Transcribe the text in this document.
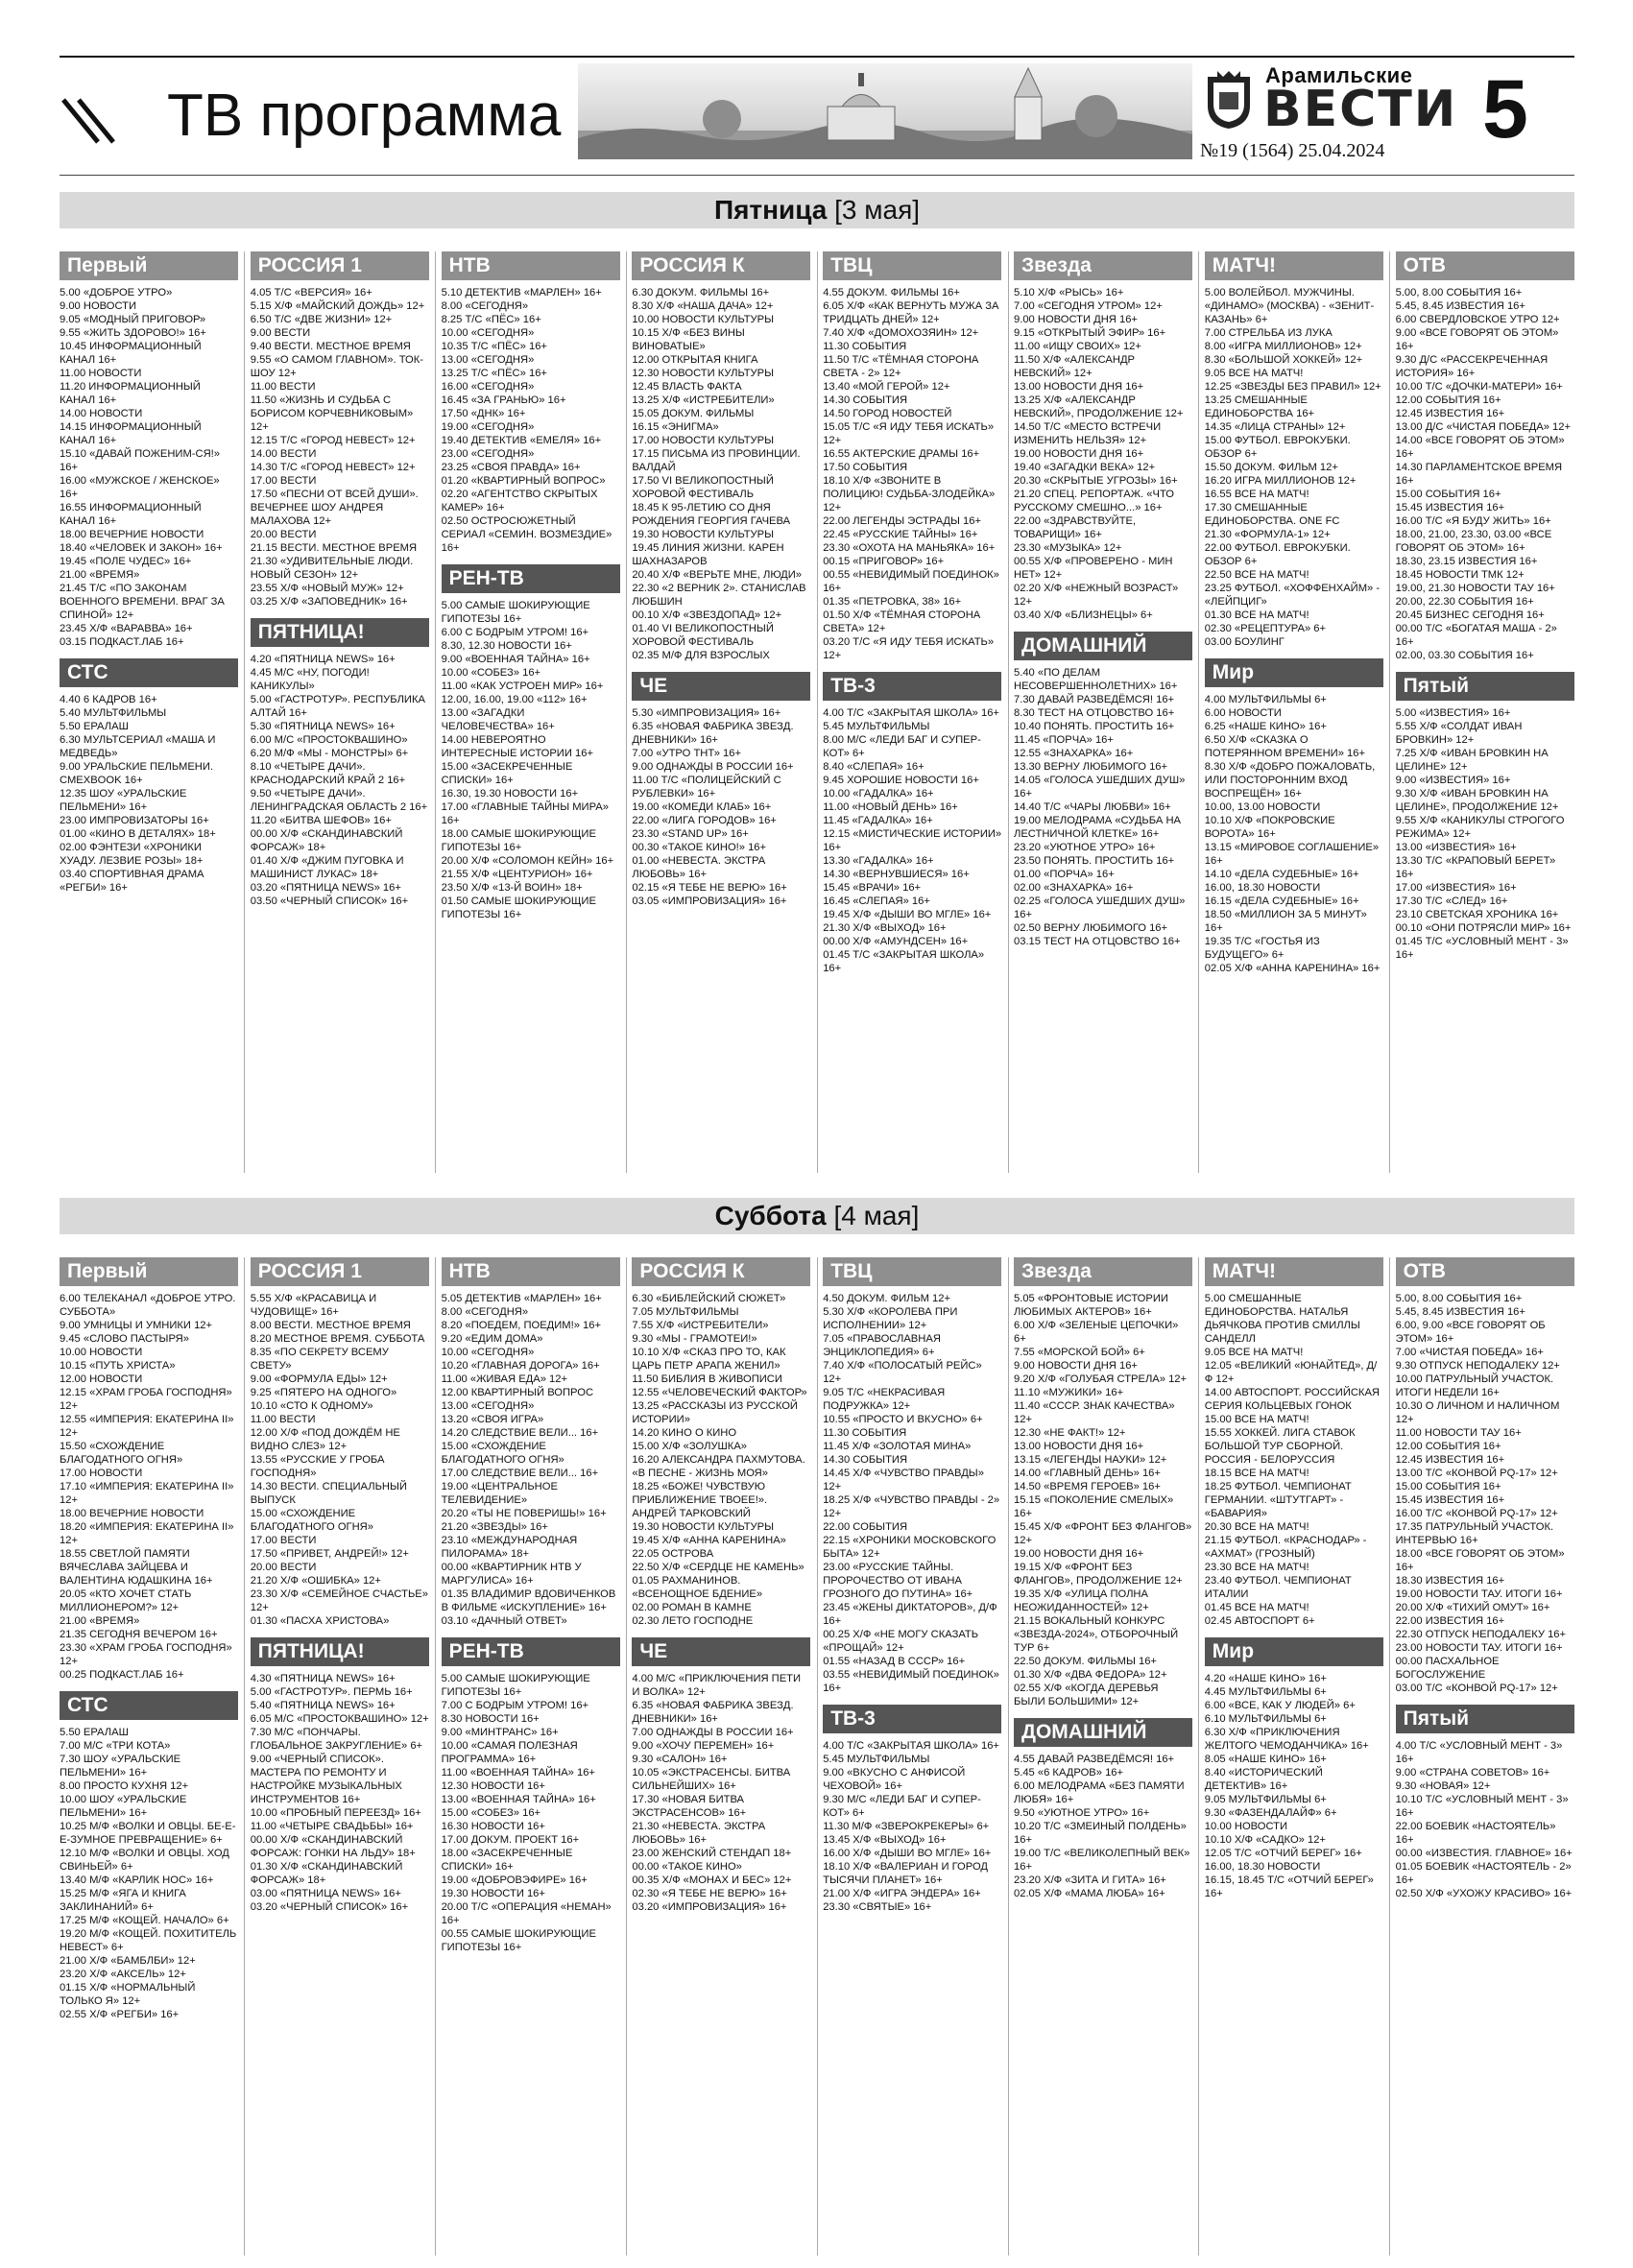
ТВ программа
Арамильские
ВЕСТИ
№19 (1564) 25.04.2024 5
Пятница [3 мая]
Первый
5.00 «ДОБРОЕ УТРО»
9.00 НОВОСТИ
9.05 «МОДНЫЙ ПРИГОВОР»
9.55 «ЖИТЬ ЗДОРОВО!» 16+
10.45 ИНФОРМАЦИОННЫЙ КАНАЛ 16+
11.00 НОВОСТИ
11.20 ИНФОРМАЦИОННЫЙ КАНАЛ 16+
14.00 НОВОСТИ
14.15 ИНФОРМАЦИОННЫЙ КАНАЛ 16+
15.10 «ДАВАЙ ПОЖЕНИМ-СЯ!» 16+
16.00 «МУЖСКОЕ / ЖЕНСКОЕ» 16+
16.55 ИНФОРМАЦИОННЫЙ КАНАЛ 16+
18.00 ВЕЧЕРНИЕ НОВОСТИ
18.40 «ЧЕЛОВЕК И ЗАКОН» 16+
19.45 «ПОЛЕ ЧУДЕС» 16+
21.00 «ВРЕМЯ»
21.45 Т/С «ПО ЗАКОНАМ ВОЕННОГО ВРЕМЕНИ. ВРАГ ЗА СПИНОЙ» 12+
23.45 Х/Ф «ВАРАВВА» 16+
03.15 ПОДКАСТ.ЛАБ 16+
СТС
4.40 6 КАДРОВ 16+
5.40 МУЛЬТФИЛЬМЫ
5.50 ЕРАЛАШ
6.30 МУЛЬТСЕРИАЛ «МАША И МЕДВЕДЬ»
9.00 УРАЛЬСКИЕ ПЕЛЬМЕНИ. СМЕХBOOK 16+
12.35 ШОУ «УРАЛЬСКИЕ ПЕЛЬМЕНИ» 16+
23.00 ИМПРОВИЗАТОРЫ 16+
01.00 «КИНО В ДЕТАЛЯХ» 18+
02.00 ФЭНТЕЗИ «ХРОНИКИ ХУАДУ. ЛЕЗВИЕ РОЗЫ» 18+
03.40 СПОРТИВНАЯ ДРАМА «РЕГБИ» 16+
РОССИЯ 1
4.05 Т/С «ВЕРСИЯ» 16+
5.15 Х/Ф «МАЙСКИЙ ДОЖДЬ» 12+
6.50 Т/С «ДВЕ ЖИЗНИ» 12+
9.00 ВЕСТИ
9.40 ВЕСТИ. МЕСТНОЕ ВРЕМЯ
9.55 «О САМОМ ГЛАВНОМ». ТОК-ШОУ 12+
11.00 ВЕСТИ
11.50 «ЖИЗНЬ И СУДЬБА С БОРИСОМ КОРЧЕВНИКОВЫМ» 12+
12.15 Т/С «ГОРОД НЕВЕСТ» 12+
14.00 ВЕСТИ
14.30 Т/С «ГОРОД НЕВЕСТ» 12+
17.00 ВЕСТИ
17.50 «ПЕСНИ ОТ ВСЕЙ ДУШИ». ВЕЧЕРНЕЕ ШОУ АНДРЕЯ МАЛАХОВА 12+
20.00 ВЕСТИ
21.15 ВЕСТИ. МЕСТНОЕ ВРЕМЯ
21.30 «УДИВИТЕЛЬНЫЕ ЛЮДИ. НОВЫЙ СЕЗОН» 12+
23.55 Х/Ф «НОВЫЙ МУЖ» 12+
03.25 Х/Ф «ЗАПОВЕДНИК» 16+
ПЯТНИЦА!
4.20 «ПЯТНИЦА NEWS» 16+
4.45 М/С «НУ, ПОГОДИ! КАНИКУЛЫ»
5.00 «ГАСТРОТУР». РЕСПУБЛИКА АЛТАЙ 16+
5.30 «ПЯТНИЦА NEWS» 16+
6.00 М/С «ПРОСТОКВАШИНО»
6.20 М/Ф «МЫ - МОНСТРЫ» 6+
8.10 «ЧЕТЫРЕ ДАЧИ». КРАСНОДАРСКИЙ КРАЙ 2 16+
9.50 «ЧЕТЫРЕ ДАЧИ». ЛЕНИНГРАДСКАЯ ОБЛАСТЬ 2 16+
11.20 «БИТВА ШЕФОВ» 16+
00.00 Х/Ф «СКАНДИНАВСКИЙ ФОРСАЖ» 18+
01.40 Х/Ф «ДЖИМ ПУГОВКА И МАШИНИСТ ЛУКАС» 18+
03.20 «ПЯТНИЦА NEWS» 16+
03.50 «ЧЕРНЫЙ СПИСОК» 16+
НТВ
5.10 ДЕТЕКТИВ «МАРЛЕН» 16+
8.00 «СЕГОДНЯ»
8.25 Т/С «ПЁС» 16+
10.00 «СЕГОДНЯ»
10.35 Т/С «ПЁС» 16+
13.00 «СЕГОДНЯ»
13.25 Т/С «ПЁС» 16+
16.00 «СЕГОДНЯ»
16.45 «ЗА ГРАНЬЮ» 16+
17.50 «ДНК» 16+
19.00 «СЕГОДНЯ»
19.40 ДЕТЕКТИВ «ЕМЕЛЯ» 16+
23.00 «СЕГОДНЯ»
23.25 «СВОЯ ПРАВДА» 16+
01.20 «КВАРТИРНЫЙ ВОПРОС»
02.20 «АГЕНТСТВО СКРЫТЫХ КАМЕР» 16+
02.50 ОСТРОСЮЖЕТНЫЙ СЕРИАЛ «СЕМИН. ВОЗМЕЗДИЕ» 16+
РЕН-ТВ
5.00 САМЫЕ ШОКИРУЮЩИЕ ГИПОТЕЗЫ 16+
6.00 С БОДРЫМ УТРОМ! 16+
8.30, 12.30 НОВОСТИ 16+
9.00 «ВОЕННАЯ ТАЙНА» 16+
10.00 «СОБЕЗ» 16+
11.00 «КАК УСТРОЕН МИР» 16+
12.00, 16.00, 19.00 «112» 16+
13.00 «ЗАГАДКИ ЧЕЛОВЕЧЕСТВА» 16+
14.00 НЕВЕРОЯТНО ИНТЕРЕСНЫЕ ИСТОРИИ 16+
15.00 «ЗАСЕКРЕЧЕННЫЕ СПИСКИ» 16+
16.30, 19.30 НОВОСТИ 16+
17.00 «ГЛАВНЫЕ ТАЙНЫ МИРА» 16+
18.00 САМЫЕ ШОКИРУЮЩИЕ ГИПОТЕЗЫ 16+
20.00 Х/Ф «СОЛОМОН КЕЙН» 16+
21.55 Х/Ф «ЦЕНТУРИОН» 16+
23.50 Х/Ф «13-Й ВОИН» 18+
01.50 САМЫЕ ШОКИРУЮЩИЕ ГИПОТЕЗЫ 16+
РОССИЯ К
6.30 ДОКУМ. ФИЛЬМЫ 16+
8.30 Х/Ф «НАША ДАЧА» 12+
10.00 НОВОСТИ КУЛЬТУРЫ
10.15 Х/Ф «БЕЗ ВИНЫ ВИНОВАТЫЕ»
12.00 ОТКРЫТАЯ КНИГА
12.30 НОВОСТИ КУЛЬТУРЫ
12.45 ВЛАСТЬ ФАКТА
13.25 Х/Ф «ИСТРЕБИТЕЛИ»
15.05 ДОКУМ. ФИЛЬМЫ
16.15 «ЭНИГМА»
17.00 НОВОСТИ КУЛЬТУРЫ
17.15 ПИСЬМА ИЗ ПРОВИНЦИИ. ВАЛДАЙ
17.50 VI ВЕЛИКОПОСТНЫЙ ХОРОВОЙ ФЕСТИВАЛЬ
18.45 К 95-ЛЕТИЮ СО ДНЯ РОЖДЕНИЯ ГЕОРГИЯ ГАЧЕВА
19.30 НОВОСТИ КУЛЬТУРЫ
19.45 ЛИНИЯ ЖИЗНИ. КАРЕН ШАХНАЗАРОВ
20.40 Х/Ф «ВЕРЬТЕ МНЕ, ЛЮДИ»
22.30 «2 ВЕРНИК 2». СТАНИСЛАВ ЛЮБШИН
00.10 Х/Ф «ЗВЕЗДОПАД» 12+
01.40 VI ВЕЛИКОПОСТНЫЙ ХОРОВОЙ ФЕСТИВАЛЬ
02.35 М/Ф ДЛЯ ВЗРОСЛЫХ
ЧЕ
5.30 «ИМПРОВИЗАЦИЯ» 16+
6.35 «НОВАЯ ФАБРИКА ЗВЕЗД. ДНЕВНИКИ» 16+
7.00 «УТРО ТНТ» 16+
9.00 ОДНАЖДЫ В РОССИИ 16+
11.00 Т/С «ПОЛИЦЕЙСКИЙ С РУБЛЕВКИ» 16+
19.00 «КОМЕДИ КЛАБ» 16+
22.00 «ЛИГА ГОРОДОВ» 16+
23.30 «STAND UP» 16+
00.30 «ТАКОЕ КИНО!» 16+
01.00 «НЕВЕСТА. ЭКСТРА ЛЮБОВЬ» 16+
02.15 «Я ТЕБЕ НЕ ВЕРЮ» 16+
03.05 «ИМПРОВИЗАЦИЯ» 16+
ТВЦ
4.55 ДОКУМ. ФИЛЬМЫ 16+
6.05 Х/Ф «КАК ВЕРНУТЬ МУЖА ЗА ТРИДЦАТЬ ДНЕЙ» 12+
7.40 Х/Ф «ДОМОХОЗЯИН» 12+
11.30 СОБЫТИЯ
11.50 Т/С «ТЁМНАЯ СТОРОНА СВЕТА - 2» 12+
13.40 «МОЙ ГЕРОЙ» 12+
14.30 СОБЫТИЯ
14.50 ГОРОД НОВОСТЕЙ
15.05 Т/С «Я ИДУ ТЕБЯ ИСКАТЬ» 12+
16.55 АКТЕРСКИЕ ДРАМЫ 16+
17.50 СОБЫТИЯ
18.10 Х/Ф «ЗВОНИТЕ В ПОЛИЦИЮ! СУДЬБА-ЗЛОДЕЙКА» 12+
22.00 ЛЕГЕНДЫ ЭСТРАДЫ 16+
22.45 «РУССКИЕ ТАЙНЫ» 16+
23.30 «ОХОТА НА МАНЬЯКА» 16+
00.15 «ПРИГОВОР» 16+
00.55 «НЕВИДИМЫЙ ПОЕДИНОК» 16+
01.35 «ПЕТРОВКА, 38» 16+
01.50 Х/Ф «ТЁМНАЯ СТОРОНА СВЕТА» 12+
03.20 Т/С «Я ИДУ ТЕБЯ ИСКАТЬ» 12+
ТВ-3
4.00 Т/С «ЗАКРЫТАЯ ШКОЛА» 16+
5.45 МУЛЬТФИЛЬМЫ
8.00 М/С «ЛЕДИ БАГ И СУПЕР-КОТ» 6+
8.40 «СЛЕПАЯ» 16+
9.45 ХОРОШИЕ НОВОСТИ 16+
10.00 «ГАДАЛКА» 16+
11.00 «НОВЫЙ ДЕНЬ» 16+
11.45 «ГАДАЛКА» 16+
12.15 «МИСТИЧЕСКИЕ ИСТОРИИ» 16+
13.30 «ГАДАЛКА» 16+
14.30 «ВЕРНУВШИЕСЯ» 16+
15.45 «ВРАЧИ» 16+
16.45 «СЛЕПАЯ» 16+
19.45 Х/Ф «ДЫШИ ВО МГЛЕ» 16+
21.30 Х/Ф «ВЫХОД» 16+
00.00 Х/Ф «АМУНДСЕН» 16+
01.45 Т/С «ЗАКРЫТАЯ ШКОЛА» 16+
Звезда
5.10 Х/Ф «РЫСЬ» 16+
7.00 «СЕГОДНЯ УТРОМ» 12+
9.00 НОВОСТИ ДНЯ 16+
9.15 «ОТКРЫТЫЙ ЭФИР» 16+
11.00 «ИЩУ СВОИХ» 12+
11.50 Х/Ф «АЛЕКСАНДР НЕВСКИЙ» 12+
13.00 НОВОСТИ ДНЯ 16+
13.25 Х/Ф «АЛЕКСАНДР НЕВСКИЙ», ПРОДОЛЖЕНИЕ 12+
14.50 Т/С «МЕСТО ВСТРЕЧИ ИЗМЕНИТЬ НЕЛЬЗЯ» 12+
19.00 НОВОСТИ ДНЯ 16+
19.40 «ЗАГАДКИ ВЕКА» 12+
20.30 «СКРЫТЫЕ УГРОЗЫ» 16+
21.20 СПЕЦ. РЕПОРТАЖ. «ЧТО РУССКОМУ СМЕШНО...» 16+
22.00 «ЗДРАВСТВУЙТЕ, ТОВАРИЩИ» 16+
23.30 «МУЗЫКА» 12+
00.55 Х/Ф «ПРОВЕРЕНО - МИН НЕТ» 12+
02.20 Х/Ф «НЕЖНЫЙ ВОЗРАСТ» 12+
03.40 Х/Ф «БЛИЗНЕЦЫ» 6+
ДОМАШНИЙ
5.40 «ПО ДЕЛАМ НЕСОВЕРШЕННОЛЕТНИХ» 16+
7.30 ДАВАЙ РАЗВЕДЁМСЯ! 16+
8.30 ТЕСТ НА ОТЦОВСТВО 16+
10.40 ПОНЯТЬ. ПРОСТИТЬ 16+
11.45 «ПОРЧА» 16+
12.55 «ЗНАХАРКА» 16+
13.30 ВЕРНУ ЛЮБИМОГО 16+
14.05 «ГОЛОСА УШЕДШИХ ДУШ» 16+
14.40 Т/С «ЧАРЫ ЛЮБВИ» 16+
19.00 МЕЛОДРАМА «СУДЬБА НА ЛЕСТНИЧНОЙ КЛЕТКЕ» 16+
23.20 «УЮТНОЕ УТРО» 16+
23.50 ПОНЯТЬ. ПРОСТИТЬ 16+
01.00 «ПОРЧА» 16+
02.00 «ЗНАХАРКА» 16+
02.25 «ГОЛОСА УШЕДШИХ ДУШ» 16+
02.50 ВЕРНУ ЛЮБИМОГО 16+
03.15 ТЕСТ НА ОТЦОВСТВО 16+
МАТЧ!
5.00 ВОЛЕЙБОЛ. МУЖЧИНЫ. «ДИНАМО» (МОСКВА) - «ЗЕНИТ-КАЗАНЬ» 6+
7.00 СТРЕЛЬБА ИЗ ЛУКА
8.00 «ИГРА МИЛЛИОНОВ» 12+
8.30 «БОЛЬШОЙ ХОККЕЙ» 12+
9.05 ВСЕ НА МАТЧ!
12.25 «ЗВЕЗДЫ БЕЗ ПРАВИЛ» 12+
13.25 СМЕШАННЫЕ ЕДИНОБОРСТВА 16+
14.35 «ЛИЦА СТРАНЫ» 12+
15.00 ФУТБОЛ. ЕВРОКУБКИ. ОБЗОР 6+
15.50 ДОКУМ. ФИЛЬМ 12+
16.20 ИГРА МИЛЛИОНОВ 12+
16.55 ВСЕ НА МАТЧ!
17.30 СМЕШАННЫЕ ЕДИНОБОРСТВА. ONE FC
21.30 «ФОРМУЛА-1» 12+
22.00 ФУТБОЛ. ЕВРОКУБКИ. ОБЗОР 6+
22.50 ВСЕ НА МАТЧ!
23.25 ФУТБОЛ. «ХОФФЕНХАЙМ» - «ЛЕЙПЦИГ»
01.30 ВСЕ НА МАТЧ!
02.30 «РЕЦЕПТУРА» 6+
03.00 БОУЛИНГ
Мир
4.00 МУЛЬТФИЛЬМЫ 6+
6.00 НОВОСТИ
6.25 «НАШЕ КИНО» 16+
6.50 Х/Ф «СКАЗКА О ПОТЕРЯННОМ ВРЕМЕНИ» 16+
8.30 Х/Ф «ДОБРО ПОЖАЛОВАТЬ, ИЛИ ПОСТОРОННИМ ВХОД ВОСПРЕЩЁН» 16+
10.00, 13.00 НОВОСТИ
10.10 Х/Ф «ПОКРОВСКИЕ ВОРОТА» 16+
13.15 «МИРОВОЕ СОГЛАШЕНИЕ» 16+
14.10 «ДЕЛА СУДЕБНЫЕ» 16+
16.00, 18.30 НОВОСТИ
16.15 «ДЕЛА СУДЕБНЫЕ» 16+
18.50 «МИЛЛИОН ЗА 5 МИНУТ» 16+
19.35 Т/С «ГОСТЬЯ ИЗ БУДУЩЕГО» 6+
02.05 Х/Ф «АННА КАРЕНИНА» 16+
ОТВ
5.00, 8.00 СОБЫТИЯ 16+
5.45, 8.45 ИЗВЕСТИЯ 16+
6.00 СВЕРДЛОВСКОЕ УТРО 12+
9.00 «ВСЕ ГОВОРЯТ ОБ ЭТОМ» 16+
9.30 Д/С «РАССЕКРЕЧЕННАЯ ИСТОРИЯ» 16+
10.00 Т/С «ДОЧКИ-МАТЕРИ» 16+
12.00 СОБЫТИЯ 16+
12.45 ИЗВЕСТИЯ 16+
13.00 Д/С «ЧИСТАЯ ПОБЕДА» 12+
14.00 «ВСЕ ГОВОРЯТ ОБ ЭТОМ» 16+
14.30 ПАРЛАМЕНТСКОЕ ВРЕМЯ 16+
15.00 СОБЫТИЯ 16+
15.45 ИЗВЕСТИЯ 16+
16.00 Т/С «Я БУДУ ЖИТЬ» 16+
18.00, 21.00, 23.30, 03.00 «ВСЕ ГОВОРЯТ ОБ ЭТОМ» 16+
18.30, 23.15 ИЗВЕСТИЯ 16+
18.45 НОВОСТИ ТМК 12+
19.00, 21.30 НОВОСТИ ТАУ 16+
20.00, 22.30 СОБЫТИЯ 16+
20.45 БИЗНЕС СЕГОДНЯ 16+
00.00 Т/С «БОГАТАЯ МАША - 2» 16+
02.00, 03.30 СОБЫТИЯ 16+
Пятый
5.00 «ИЗВЕСТИЯ» 16+
5.55 Х/Ф «СОЛДАТ ИВАН БРОВКИН» 12+
7.25 Х/Ф «ИВАН БРОВКИН НА ЦЕЛИНЕ» 12+
9.00 «ИЗВЕСТИЯ» 16+
9.30 Х/Ф «ИВАН БРОВКИН НА ЦЕЛИНЕ», ПРОДОЛЖЕНИЕ 12+
9.55 Х/Ф «КАНИКУЛЫ СТРОГОГО РЕЖИМА» 12+
13.00 «ИЗВЕСТИЯ» 16+
13.30 Т/С «КРАПОВЫЙ БЕРЕТ» 16+
17.00 «ИЗВЕСТИЯ» 16+
17.30 Т/С «СЛЕД» 16+
23.10 СВЕТСКАЯ ХРОНИКА 16+
00.10 «ОНИ ПОТРЯСЛИ МИР» 16+
01.45 Т/С «УСЛОВНЫЙ МЕНТ - 3» 16+
Суббота [4 мая]
Первый
6.00 ТЕЛЕКАНАЛ «ДОБРОЕ УТРО. СУББОТА»
9.00 УМНИЦЫ И УМНИКИ 12+
9.45 «СЛОВО ПАСТЫРЯ»
10.00 НОВОСТИ
10.15 «ПУТЬ ХРИСТА»
12.00 НОВОСТИ
12.15 «ХРАМ ГРОБА ГОСПОДНЯ» 12+
12.55 «ИМПЕРИЯ: ЕКАТЕРИНА II» 12+
15.50 «СХОЖДЕНИЕ БЛАГОДАТНОГО ОГНЯ»
17.00 НОВОСТИ
17.10 «ИМПЕРИЯ: ЕКАТЕРИНА II» 12+
18.00 ВЕЧЕРНИЕ НОВОСТИ
18.20 «ИМПЕРИЯ: ЕКАТЕРИНА II» 12+
18.55 СВЕТЛОЙ ПАМЯТИ ВЯЧЕСЛАВА ЗАЙЦЕВА И ВАЛЕНТИНА ЮДАШКИНА 16+
20.05 «КТО ХОЧЕТ СТАТЬ МИЛЛИОНЕРОМ?» 12+
21.00 «ВРЕМЯ»
21.35 СЕГОДНЯ ВЕЧЕРОМ 16+
23.30 «ХРАМ ГРОБА ГОСПОДНЯ» 12+
00.25 ПОДКАСТ.ЛАБ 16+
СТС
5.50 ЕРАЛАШ
7.00 М/С «ТРИ КОТА»
7.30 ШОУ «УРАЛЬСКИЕ ПЕЛЬМЕНИ» 16+
8.00 ПРОСТО КУХНЯ 12+
10.00 ШОУ «УРАЛЬСКИЕ ПЕЛЬМЕНИ» 16+
10.25 М/Ф «ВОЛКИ И ОВЦЫ. БЕ-Е-Е-ЗУМНОЕ ПРЕВРАЩЕНИЕ» 6+
12.10 М/Ф «ВОЛКИ И ОВЦЫ. ХОД СВИНЬЕЙ» 6+
13.40 М/Ф «КАРЛИК НОС» 16+
15.25 М/Ф «ЯГА И КНИГА ЗАКЛИНАНИЙ» 6+
17.25 М/Ф «КОЩЕЙ. НАЧАЛО» 6+
19.20 М/Ф «КОЩЕЙ. ПОХИТИТЕЛЬ НЕВЕСТ» 6+
21.00 Х/Ф «БАМБЛБИ» 12+
23.20 Х/Ф «АКСЕЛЬ» 12+
01.15 Х/Ф «НОРМАЛЬНЫЙ ТОЛЬКО Я» 12+
02.55 Х/Ф «РЕГБИ» 16+
РОССИЯ 1
5.55 Х/Ф «КРАСАВИЦА И ЧУДОВИЩЕ» 16+
8.00 ВЕСТИ. МЕСТНОЕ ВРЕМЯ
8.20 МЕСТНОЕ ВРЕМЯ. СУББОТА
8.35 «ПО СЕКРЕТУ ВСЕМУ СВЕТУ»
9.00 «ФОРМУЛА ЕДЫ» 12+
9.25 «ПЯТЕРО НА ОДНОГО»
10.10 «СТО К ОДНОМУ»
11.00 ВЕСТИ
12.00 Х/Ф «ПОД ДОЖДЁМ НЕ ВИДНО СЛЕЗ» 12+
13.55 «РУССКИЕ У ГРОБА ГОСПОДНЯ»
14.30 ВЕСТИ. СПЕЦИАЛЬНЫЙ ВЫПУСК
15.00 «СХОЖДЕНИЕ БЛАГОДАТНОГО ОГНЯ»
17.00 ВЕСТИ
17.50 «ПРИВЕТ, АНДРЕЙ!» 12+
20.00 ВЕСТИ
21.20 Х/Ф «ОШИБКА» 12+
23.30 Х/Ф «СЕМЕЙНОЕ СЧАСТЬЕ» 12+
01.30 «ПАСХА ХРИСТОВА»
ПЯТНИЦА!
4.30 «ПЯТНИЦА NEWS» 16+
5.00 «ГАСТРОТУР». ПЕРМЬ 16+
5.40 «ПЯТНИЦА NEWS» 16+
6.05 М/С «ПРОСТОКВАШИНО» 12+
7.30 М/С «ПОНЧАРЫ. ГЛОБАЛЬНОЕ ЗАКРУГЛЕНИЕ» 6+
9.00 «ЧЕРНЫЙ СПИСОК». МАСТЕРА ПО РЕМОНТУ И НАСТРОЙКЕ МУЗЫКАЛЬНЫХ ИНСТРУМЕНТОВ 16+
10.00 «ПРОБНЫЙ ПЕРЕЕЗД» 16+
11.00 «ЧЕТЫРЕ СВАДЬБЫ» 16+
00.00 Х/Ф «СКАНДИНАВСКИЙ ФОРСАЖ: ГОНКИ НА ЛЬДУ» 18+
01.30 Х/Ф «СКАНДИНАВСКИЙ ФОРСАЖ» 18+
03.00 «ПЯТНИЦА NEWS» 16+
03.20 «ЧЕРНЫЙ СПИСОК» 16+
НТВ
5.05 ДЕТЕКТИВ «МАРЛЕН» 16+
8.00 «СЕГОДНЯ»
8.20 «ПОЕДЕМ, ПОЕДИМ!» 16+
9.20 «ЕДИМ ДОМА»
10.00 «СЕГОДНЯ»
10.20 «ГЛАВНАЯ ДОРОГА» 16+
11.00 «ЖИВАЯ ЕДА» 12+
12.00 КВАРТИРНЫЙ ВОПРОС
13.00 «СЕГОДНЯ»
13.20 «СВОЯ ИГРА»
14.20 СЛЕДСТВИЕ ВЕЛИ... 16+
15.00 «СХОЖДЕНИЕ БЛАГОДАТНОГО ОГНЯ»
17.00 СЛЕДСТВИЕ ВЕЛИ... 16+
19.00 «ЦЕНТРАЛЬНОЕ ТЕЛЕВИДЕНИЕ»
20.20 «ТЫ НЕ ПОВЕРИШЬ!» 16+
21.20 «ЗВЕЗДЫ» 16+
23.10 «МЕЖДУНАРОДНАЯ ПИЛОРАМА» 18+
00.00 «КВАРТИРНИК НТВ У МАРГУЛИСА» 16+
01.35 ВЛАДИМИР ВДОВИЧЕНКОВ В ФИЛЬМЕ «ИСКУПЛЕНИЕ» 16+
03.10 «ДАЧНЫЙ ОТВЕТ»
РЕН-ТВ
5.00 САМЫЕ ШОКИРУЮЩИЕ ГИПОТЕЗЫ 16+
7.00 С БОДРЫМ УТРОМ! 16+
8.30 НОВОСТИ 16+
9.00 «МИНТРАНС» 16+
10.00 «САМАЯ ПОЛЕЗНАЯ ПРОГРАММА» 16+
11.00 «ВОЕННАЯ ТАЙНА» 16+
12.30 НОВОСТИ 16+
13.00 «ВОЕННАЯ ТАЙНА» 16+
15.00 «СОБЕЗ» 16+
16.30 НОВОСТИ 16+
17.00 ДОКУМ. ПРОЕКТ 16+
18.00 «ЗАСЕКРЕЧЕННЫЕ СПИСКИ» 16+
19.00 «ДОБРОВЭФИРЕ» 16+
19.30 НОВОСТИ 16+
20.00 Т/С «ОПЕРАЦИЯ «НЕМАН» 16+
00.55 САМЫЕ ШОКИРУЮЩИЕ ГИПОТЕЗЫ 16+
РОССИЯ К
6.30 «БИБЛЕЙСКИЙ СЮЖЕТ»
7.05 МУЛЬТФИЛЬМЫ
7.55 Х/Ф «ИСТРЕБИТЕЛИ»
9.30 «МЫ - ГРАМОТЕИ!»
10.10 Х/Ф «СКАЗ ПРО ТО, КАК ЦАРЬ ПЕТР АРАПА ЖЕНИЛ»
11.50 БИБЛИЯ В ЖИВОПИСИ
12.55 «ЧЕЛОВЕЧЕСКИЙ ФАКТОР»
13.25 «РАССКАЗЫ ИЗ РУССКОЙ ИСТОРИИ»
14.20 КИНО О КИНО
15.00 Х/Ф «ЗОЛУШКА»
16.20 АЛЕКСАНДРА ПАХМУТОВА. «В ПЕСНЕ - ЖИЗНЬ МОЯ»
18.25 «БОЖЕ! ЧУВСТВУЮ ПРИБЛИЖЕНИЕ ТВОЕЕ!». АНДРЕЙ ТАРКОВСКИЙ
19.30 НОВОСТИ КУЛЬТУРЫ
19.45 Х/Ф «АННА КАРЕНИНА»
22.05 ОСТРОВА
22.50 Х/Ф «СЕРДЦЕ НЕ КАМЕНЬ»
01.05 РАХМАНИНОВ. «ВСЕНОЩНОЕ БДЕНИЕ»
02.00 РОМАН В КАМНЕ
02.30 ЛЕТО ГОСПОДНЕ
ЧЕ
4.00 М/С «ПРИКЛЮЧЕНИЯ ПЕТИ И ВОЛКА» 12+
6.35 «НОВАЯ ФАБРИКА ЗВЕЗД. ДНЕВНИКИ» 16+
7.00 ОДНАЖДЫ В РОССИИ 16+
9.00 «ХОЧУ ПЕРЕМЕН» 16+
9.30 «САЛОН» 16+
10.05 «ЭКСТРАСЕНСЫ. БИТВА СИЛЬНЕЙШИХ» 16+
17.30 «НОВАЯ БИТВА ЭКСТРАСЕНСОВ» 16+
21.30 «НЕВЕСТА. ЭКСТРА ЛЮБОВЬ» 16+
23.00 ЖЕНСКИЙ СТЕНДАП 18+
00.00 «ТАКОЕ КИНО»
00.35 Х/Ф «МОНАХ И БЕС» 12+
02.30 «Я ТЕБЕ НЕ ВЕРЮ» 16+
03.20 «ИМПРОВИЗАЦИЯ» 16+
ТВЦ
4.50 ДОКУМ. ФИЛЬМ 12+
5.30 Х/Ф «КОРОЛЕВА ПРИ ИСПОЛНЕНИИ» 12+
7.05 «ПРАВОСЛАВНАЯ ЭНЦИКЛОПЕДИЯ» 6+
7.40 Х/Ф «ПОЛОСАТЫЙ РЕЙС» 12+
9.05 Т/С «НЕКРАСИВАЯ ПОДРУЖКА» 12+
10.55 «ПРОСТО И ВКУСНО» 6+
11.30 СОБЫТИЯ
11.45 Х/Ф «ЗОЛОТАЯ МИНА»
14.30 СОБЫТИЯ
14.45 Х/Ф «ЧУВСТВО ПРАВДЫ» 12+
18.25 Х/Ф «ЧУВСТВО ПРАВДЫ - 2» 12+
22.00 СОБЫТИЯ
22.15 «ХРОНИКИ МОСКОВСКОГО БЫТА» 12+
23.00 «РУССКИЕ ТАЙНЫ. ПРОРОЧЕСТВО ОТ ИВАНА ГРОЗНОГО ДО ПУТИНА» 16+
23.45 «ЖЕНЫ ДИКТАТОРОВ», Д/Ф 16+
00.25 Х/Ф «НЕ МОГУ СКАЗАТЬ «ПРОЩАЙ» 12+
01.55 «НАЗАД В СССР» 16+
03.55 «НЕВИДИМЫЙ ПОЕДИНОК» 16+
ТВ-3
4.00 Т/С «ЗАКРЫТАЯ ШКОЛА» 16+
5.45 МУЛЬТФИЛЬМЫ
9.00 «ВКУСНО С АНФИСОЙ ЧЕХОВОЙ» 16+
9.30 М/С «ЛЕДИ БАГ И СУПЕР-КОТ» 6+
11.30 М/Ф «ЗВЕРОКРЕКЕРЫ» 6+
13.45 Х/Ф «ВЫХОД» 16+
16.00 Х/Ф «ДЫШИ ВО МГЛЕ» 16+
18.10 Х/Ф «ВАЛЕРИАН И ГОРОД ТЫСЯЧИ ПЛАНЕТ» 16+
21.00 Х/Ф «ИГРА ЭНДЕРА» 16+
23.30 «СВЯТЫЕ» 16+
Звезда
5.05 «ФРОНТОВЫЕ ИСТОРИИ ЛЮБИМЫХ АКТЕРОВ» 16+
6.00 Х/Ф «ЗЕЛЕНЫЕ ЦЕПОЧКИ» 6+
7.55 «МОРСКОЙ БОЙ» 6+
9.00 НОВОСТИ ДНЯ 16+
9.20 Х/Ф «ГОЛУБАЯ СТРЕЛА» 12+
11.10 «МУЖИКИ» 16+
11.40 «СССР. ЗНАК КАЧЕСТВА» 12+
12.30 «НЕ ФАКТ!» 12+
13.00 НОВОСТИ ДНЯ 16+
13.15 «ЛЕГЕНДЫ НАУКИ» 12+
14.00 «ГЛАВНЫЙ ДЕНЬ» 16+
14.50 «ВРЕМЯ ГЕРОЕВ» 16+
15.15 «ПОКОЛЕНИЕ СМЕЛЫХ» 16+
15.45 Х/Ф «ФРОНТ БЕЗ ФЛАНГОВ» 12+
19.00 НОВОСТИ ДНЯ 16+
19.15 Х/Ф «ФРОНТ БЕЗ ФЛАНГОВ», ПРОДОЛЖЕНИЕ 12+
19.35 Х/Ф «УЛИЦА ПОЛНА НЕОЖИДАННОСТЕЙ» 12+
21.15 ВОКАЛЬНЫЙ КОНКУРС «ЗВЕЗДА-2024», ОТБОРОЧНЫЙ ТУР 6+
22.50 ДОКУМ. ФИЛЬМЫ 16+
01.30 Х/Ф «ДВА ФЕДОРА» 12+
02.55 Х/Ф «КОГДА ДЕРЕВЬЯ БЫЛИ БОЛЬШИМИ» 12+
ДОМАШНИЙ
4.55 ДАВАЙ РАЗВЕДЁМСЯ! 16+
5.45 «6 КАДРОВ» 16+
6.00 МЕЛОДРАМА «БЕЗ ПАМЯТИ ЛЮБЯ» 16+
9.50 «УЮТНОЕ УТРО» 16+
10.20 Т/С «ЗМЕИНЫЙ ПОЛДЕНЬ» 16+
19.00 Т/С «ВЕЛИКОЛЕПНЫЙ ВЕК» 16+
23.20 Х/Ф «ЗИТА И ГИТА» 16+
02.05 Х/Ф «МАМА ЛЮБА» 16+
МАТЧ!
5.00 СМЕШАННЫЕ ЕДИНОБОРСТВА. НАТАЛЬЯ ДЬЯЧКОВА ПРОТИВ СМИЛЛЫ САНДЕЛЛ
9.05 ВСЕ НА МАТЧ!
12.05 «ВЕЛИКИЙ «ЮНАЙТЕД», Д/Ф 12+
14.00 АВТОСПОРТ. РОССИЙСКАЯ СЕРИЯ КОЛЬЦЕВЫХ ГОНОК
15.00 ВСЕ НА МАТЧ!
15.55 ХОККЕЙ. ЛИГА СТАВОК БОЛЬШОЙ ТУР СБОРНОЙ. РОССИЯ - БЕЛОРУССИЯ
18.15 ВСЕ НА МАТЧ!
18.25 ФУТБОЛ. ЧЕМПИОНАТ ГЕРМАНИИ. «ШТУТГАРТ» - «БАВАРИЯ»
20.30 ВСЕ НА МАТЧ!
21.15 ФУТБОЛ. «КРАСНОДАР» - «АХМАТ» (ГРОЗНЫЙ)
23.30 ВСЕ НА МАТЧ!
23.40 ФУТБОЛ. ЧЕМПИОНАТ ИТАЛИИ
01.45 ВСЕ НА МАТЧ!
02.45 АВТОСПОРТ 6+
Мир
4.20 «НАШЕ КИНО» 16+
4.45 МУЛЬТФИЛЬМЫ 6+
6.00 «ВСЕ, КАК У ЛЮДЕЙ» 6+
6.10 МУЛЬТФИЛЬМЫ 6+
6.30 Х/Ф «ПРИКЛЮЧЕНИЯ ЖЕЛТОГО ЧЕМОДАНЧИКА» 16+
8.05 «НАШЕ КИНО» 16+
8.40 «ИСТОРИЧЕСКИЙ ДЕТЕКТИВ» 16+
9.05 МУЛЬТФИЛЬМЫ 6+
9.30 «ФАЗЕНДАЛАЙФ» 6+
10.00 НОВОСТИ
10.10 Х/Ф «САДКО» 12+
12.05 Т/С «ОТЧИЙ БЕРЕГ» 16+
16.00, 18.30 НОВОСТИ
16.15, 18.45 Т/С «ОТЧИЙ БЕРЕГ» 16+
ОТВ
5.00, 8.00 СОБЫТИЯ 16+
5.45, 8.45 ИЗВЕСТИЯ 16+
6.00, 9.00 «ВСЕ ГОВОРЯТ ОБ ЭТОМ» 16+
7.00 «ЧИСТАЯ ПОБЕДА» 16+
9.30 ОТПУСК НЕПОДАЛЕКУ 12+
10.00 ПАТРУЛЬНЫЙ УЧАСТОК. ИТОГИ НЕДЕЛИ 16+
10.30 О ЛИЧНОМ И НАЛИЧНОМ 12+
11.00 НОВОСТИ ТАУ 16+
12.00 СОБЫТИЯ 16+
12.45 ИЗВЕСТИЯ 16+
13.00 Т/С «КОНВОЙ PQ-17» 12+
15.00 СОБЫТИЯ 16+
15.45 ИЗВЕСТИЯ 16+
16.00 Т/С «КОНВОЙ PQ-17» 12+
17.35 ПАТРУЛЬНЫЙ УЧАСТОК. ИНТЕРВЬЮ 16+
18.00 «ВСЕ ГОВОРЯТ ОБ ЭТОМ» 16+
18.30 ИЗВЕСТИЯ 16+
19.00 НОВОСТИ ТАУ. ИТОГИ 16+
20.00 Х/Ф «ТИХИЙ ОМУТ» 16+
22.00 ИЗВЕСТИЯ 16+
22.30 ОТПУСК НЕПОДАЛЕКУ 16+
23.00 НОВОСТИ ТАУ. ИТОГИ 16+
00.00 ПАСХАЛЬНОЕ БОГОСЛУЖЕНИЕ
03.00 Т/С «КОНВОЙ PQ-17» 12+
Пятый
4.00 Т/С «УСЛОВНЫЙ МЕНТ - 3» 16+
9.00 «СТРАНА СОВЕТОВ» 16+
9.30 «НОВАЯ» 12+
10.10 Т/С «УСЛОВНЫЙ МЕНТ - 3» 16+
22.00 БОЕВИК «НАСТОЯТЕЛЬ» 16+
00.00 «ИЗВЕСТИЯ. ГЛАВНОЕ» 16+
01.05 БОЕВИК «НАСТОЯТЕЛЬ - 2» 16+
02.50 Х/Ф «УХОЖУ КРАСИВО» 16+
